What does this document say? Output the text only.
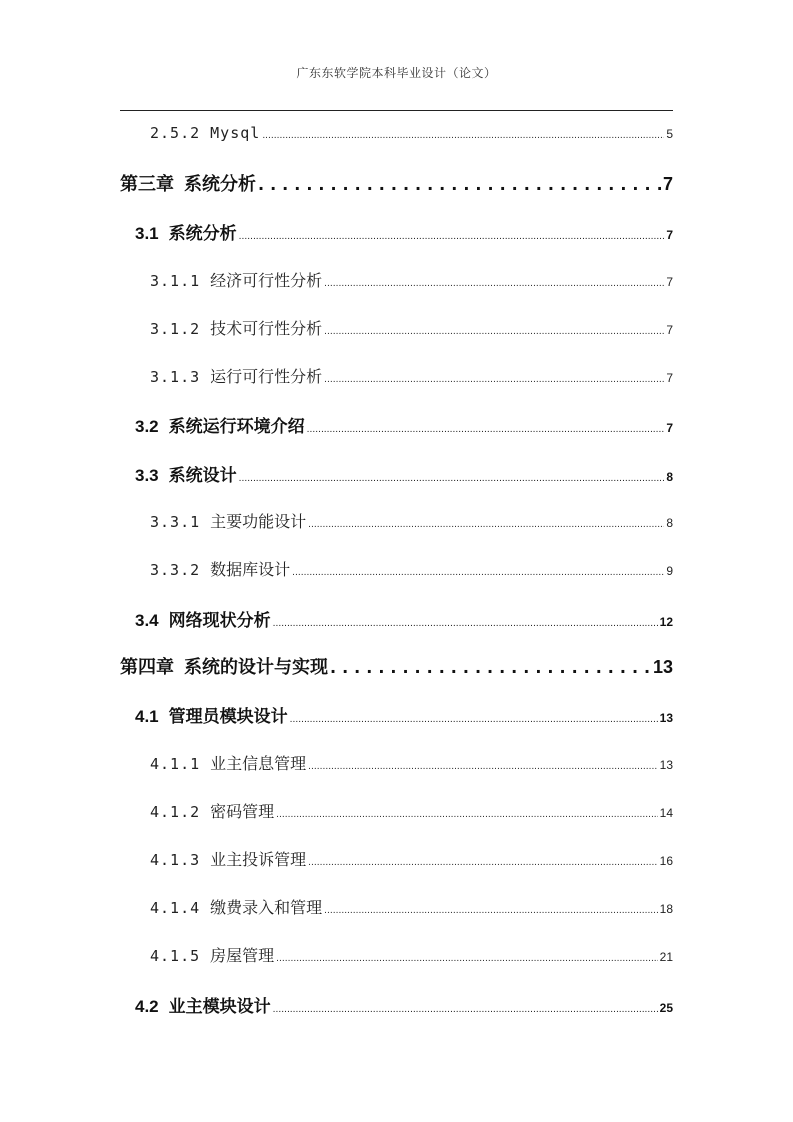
广东东软学院本科毕业设计（论文）
2.5.2 Mysql .....	5
第三章 系统分析 .....	7
3.1 系统分析 .....	7
3.1.1 经济可行性分析 .....	7
3.1.2 技术可行性分析 .....	7
3.1.3 运行可行性分析 .....	7
3.2 系统运行环境介绍 .....	7
3.3 系统设计 .....	8
3.3.1 主要功能设计 .....	8
3.3.2 数据库设计 .....	9
3.4 网络现状分析 .....	12
第四章 系统的设计与实现 .....	13
4.1 管理员模块设计 .....	13
4.1.1 业主信息管理 .....	13
4.1.2 密码管理 .....	14
4.1.3 业主投诉管理 .....	16
4.1.4 缴费录入和管理 .....	18
4.1.5 房屋管理 .....	21
4.2 业主模块设计 .....	25
